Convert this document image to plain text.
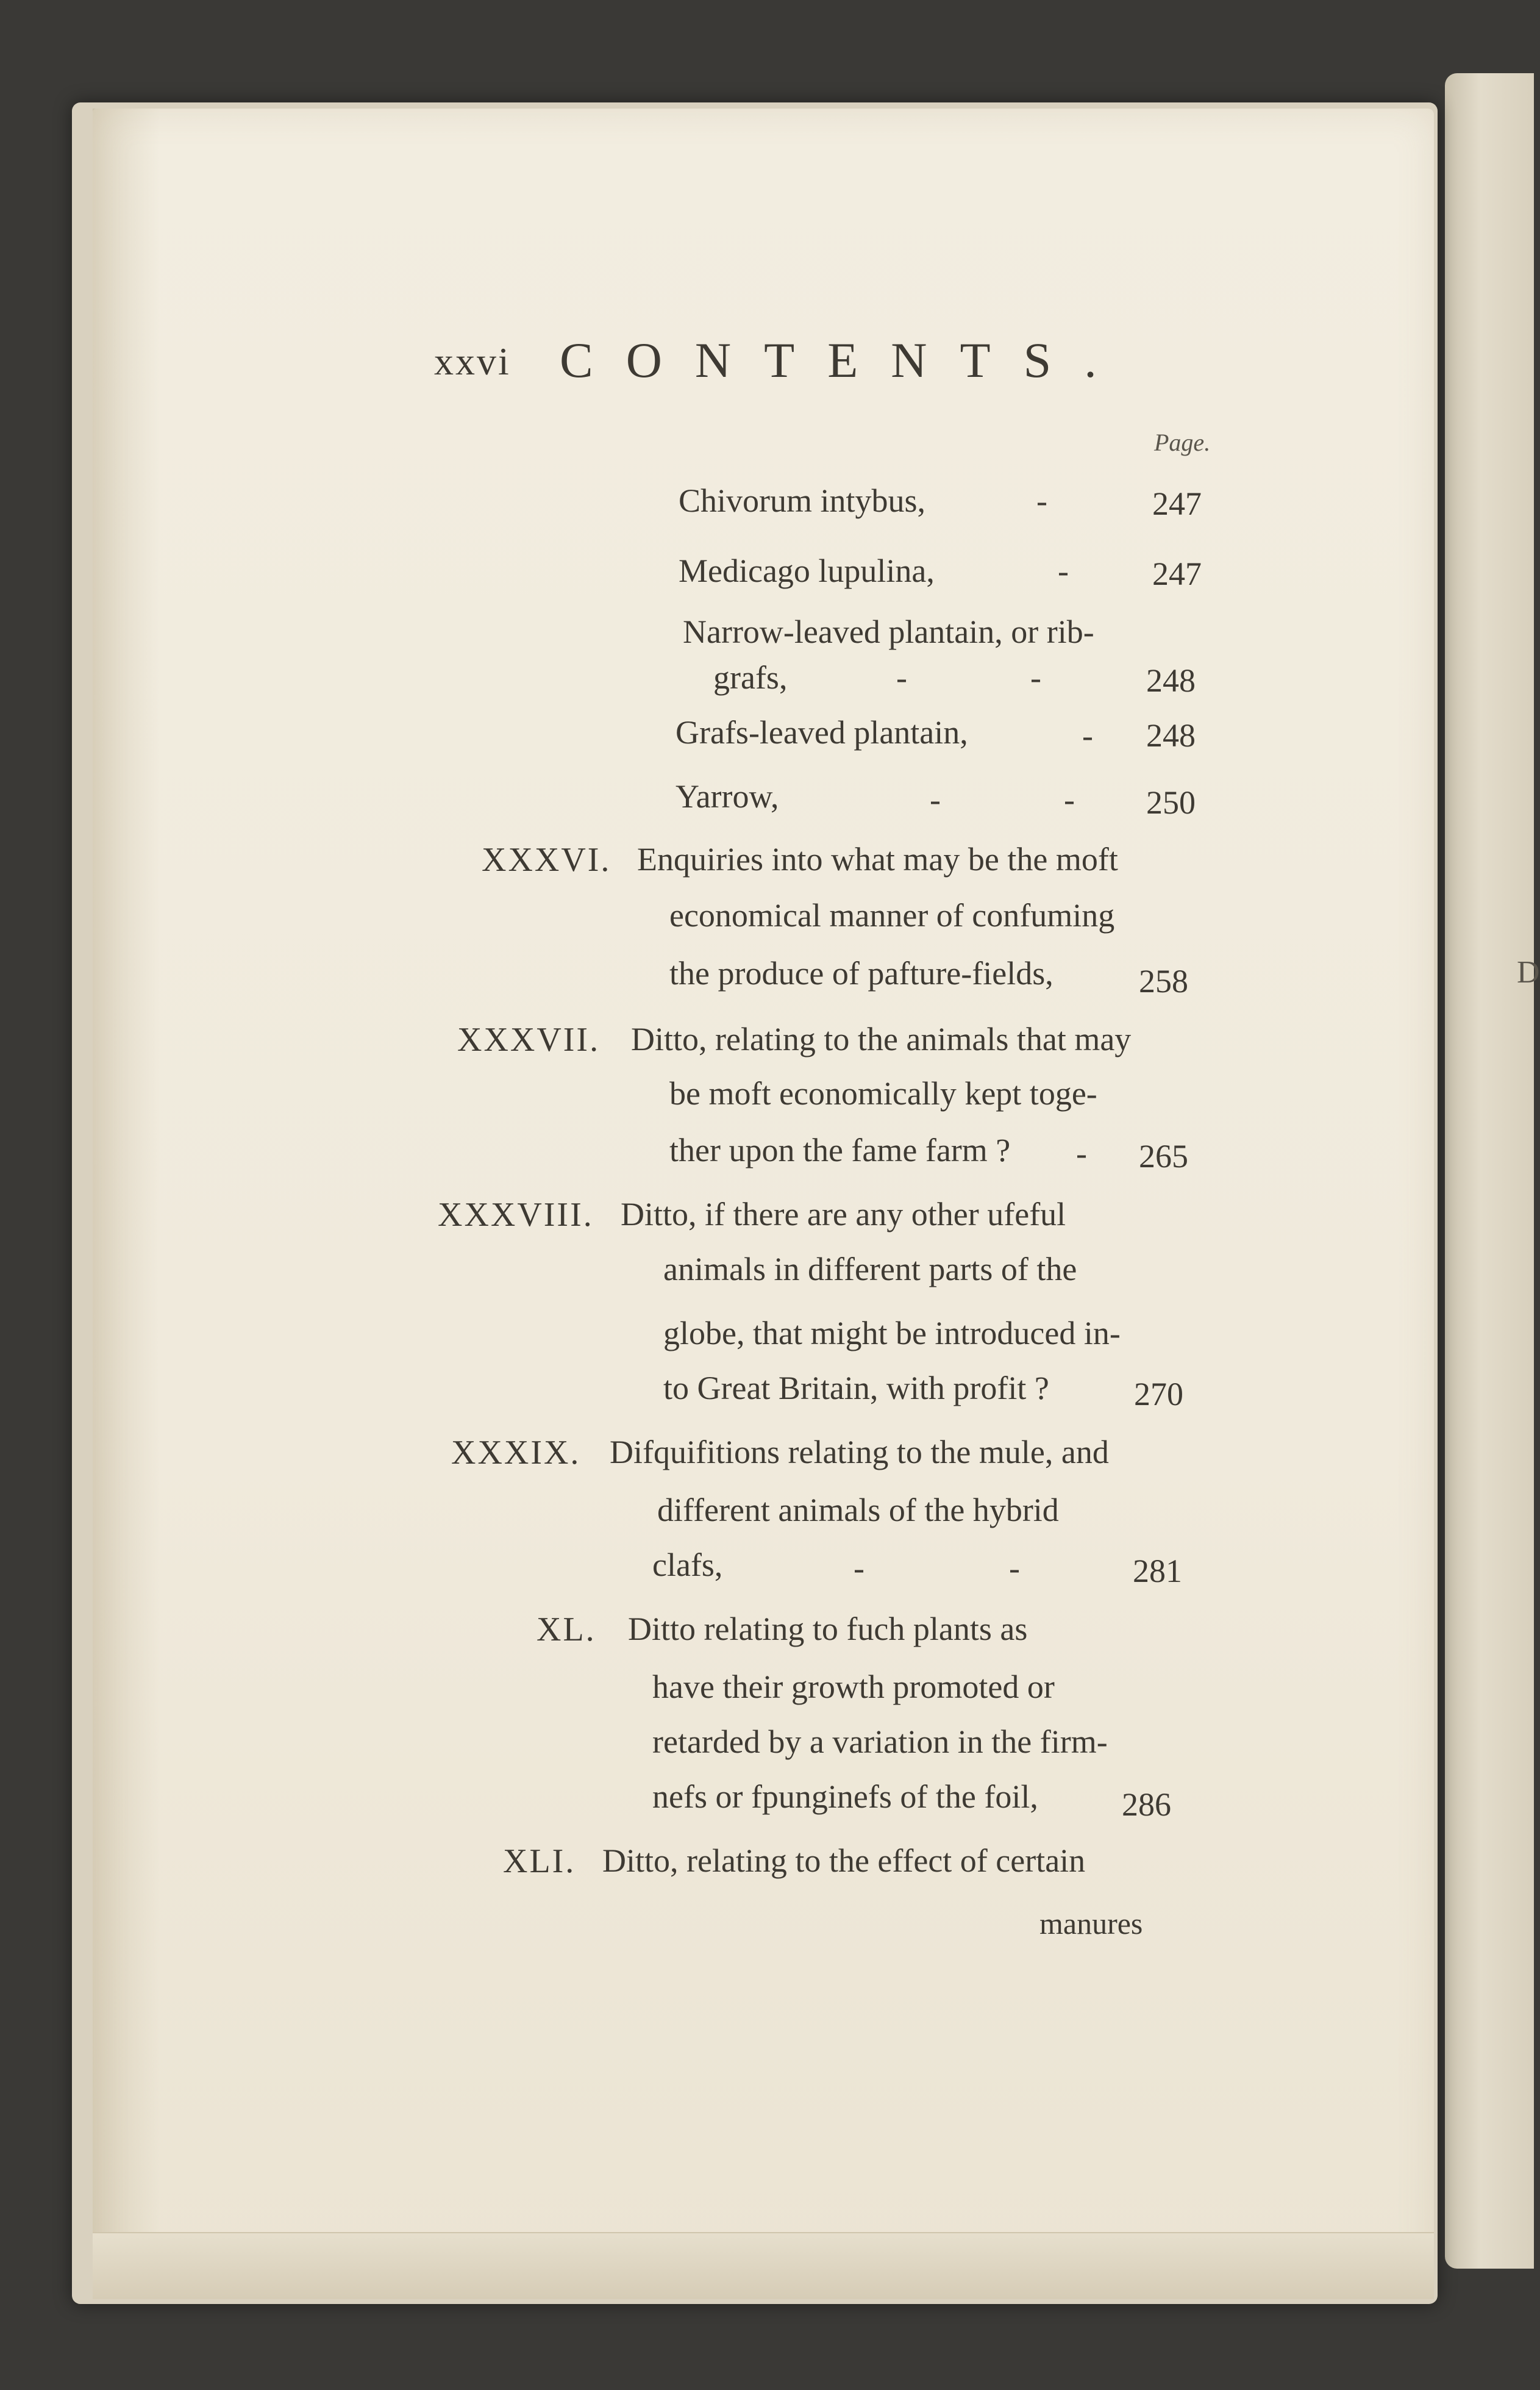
D
xxvi CONTENTS.
Page.
Chivorum intybus,	-	247
Medicago lupulina,	-	247
Narrow-leaved plantain, or rib-
grafs,	-	-	248
Grafs-leaved plantain,	- 248
Yarrow,	-	- 250
XXXVI. Enquiries into what may be the moft
economical manner of confuming
the produce of pafture-fields,	258
XXXVII. Ditto, relating to the animals that may
be moft economically kept toge-
ther upon the fame farm ? - 265
XXXVIII. Ditto, if there are any other ufeful
animals in different parts of the
globe, that might be introduced in-
to Great Britain, with profit ?	270
XXXIX. Difquifitions relating to the mule, and
different animals of the hybrid
clafs,	-	-	281
XL. Ditto relating to fuch plants as
have their growth promoted or
retarded by a variation in the firm-
nefs or fpunginefs of the foil,	286
XLI. Ditto, relating to the effect of certain
manures
